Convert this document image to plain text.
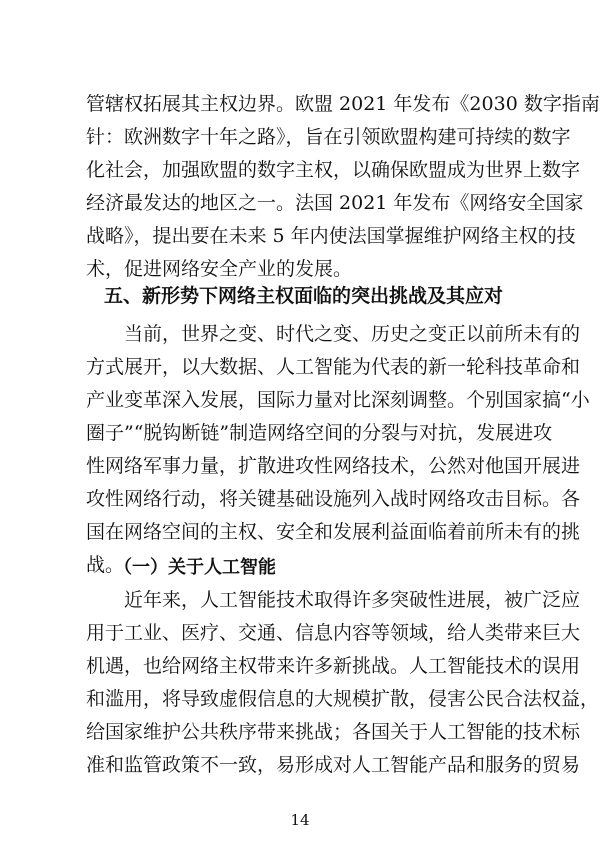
管辖权拓展其主权边界。欧盟 2021 年发布《2030 数字指南
针：欧洲数字十年之路》，旨在引领欧盟构建可持续的数字
化社会，加强欧盟的数字主权，以确保欧盟成为世界上数字
经济最发达的地区之一。法国 2021 年发布《网络安全国家
战略》，提出要在未来 5 年内使法国掌握维护网络主权的技
术，促进网络安全产业的发展。
五、新形势下网络主权面临的突出挑战及其应对
当前，世界之变、时代之变、历史之变正以前所未有的
方式展开，以大数据、人工智能为代表的新一轮科技革命和
产业变革深入发展，国际力量对比深刻调整。个别国家搞“小
圈子”“脱钩断链”制造网络空间的分裂与对抗，发展进攻
性网络军事力量，扩散进攻性网络技术，公然对他国开展进
攻性网络行动，将关键基础设施列入战时网络攻击目标。各
国在网络空间的主权、安全和发展利益面临着前所未有的挑
战。
（一）关于人工智能
近年来，人工智能技术取得许多突破性进展，被广泛应
用于工业、医疗、交通、信息内容等领域，给人类带来巨大
机遇，也给网络主权带来许多新挑战。人工智能技术的误用
和滥用，将导致虚假信息的大规模扩散，侵害公民合法权益，
给国家维护公共秩序带来挑战；各国关于人工智能的技术标
准和监管政策不一致，易形成对人工智能产品和服务的贸易
14
